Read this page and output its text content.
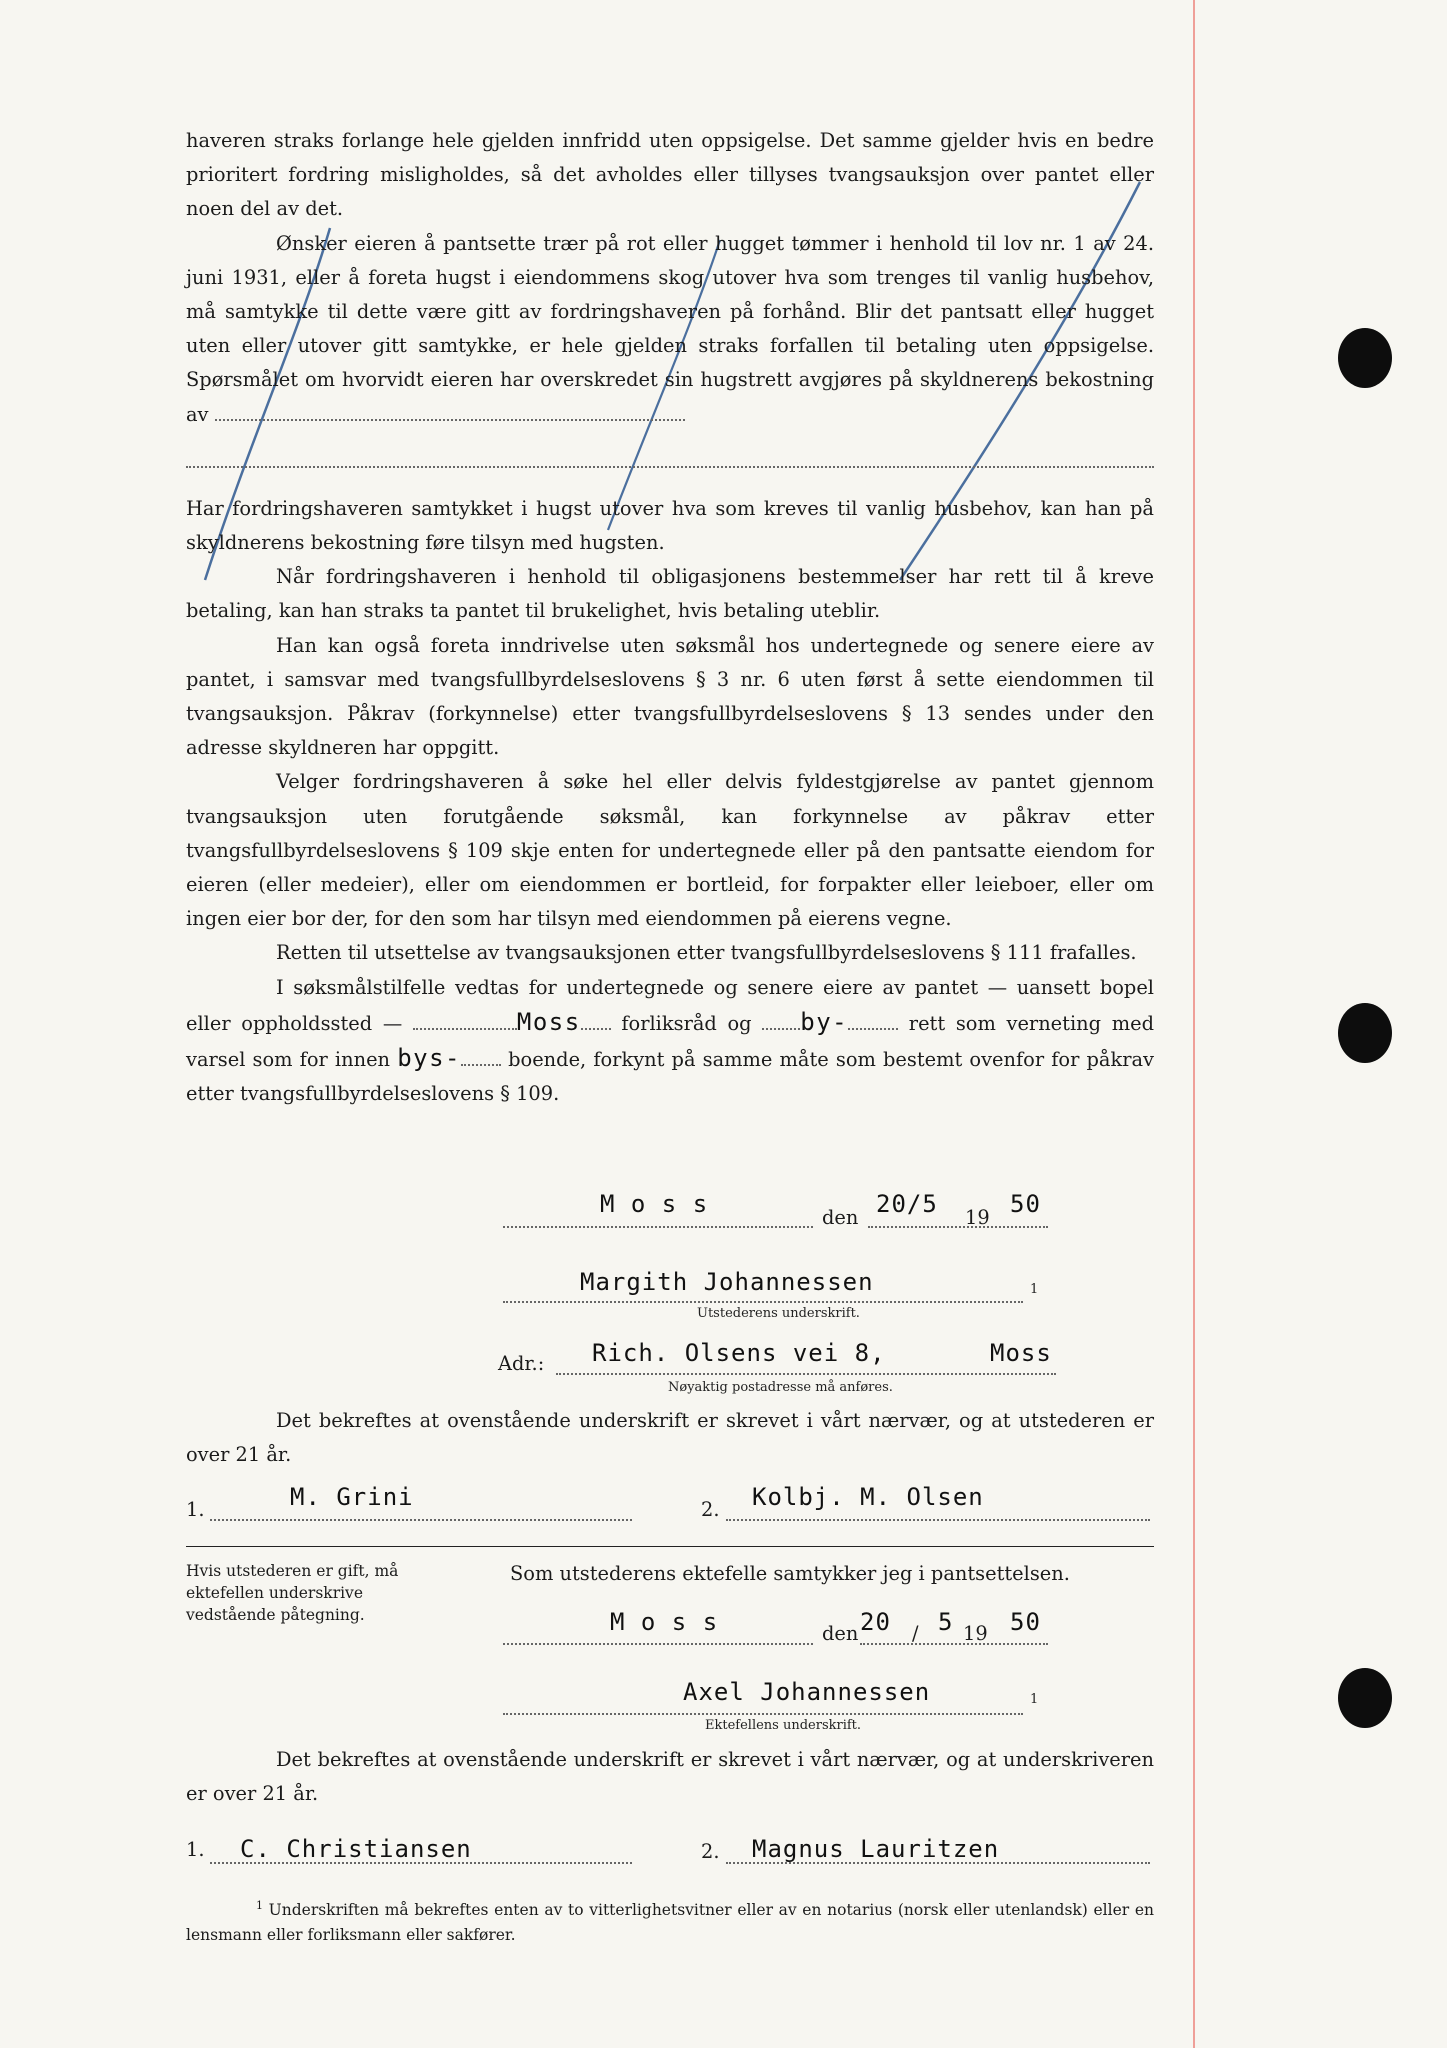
haveren straks forlange hele gjelden innfridd uten oppsigelse. Det samme gjelder hvis en bedre prioritert fordring misligholdes, så det avholdes eller tillyses tvangsauksjon over pantet eller noen del av det.

Ønsker eieren å pantsette trær på rot eller hugget tømmer i henhold til lov nr. 1 av 24. juni 1931, eller å foreta hugst i eiendommens skog utover hva som trenges til vanlig husbehov, må samtykke til dette være gitt av fordringshaveren på forhånd. Blir det pantsatt eller hugget uten eller utover gitt samtykke, er hele gjelden straks forfallen til betaling uten oppsigelse. Spørsmålet om hvorvidt eieren har overskredet sin hugstrett avgjøres på skyldnerens bekostning av

Har fordringshaveren samtykket i hugst utover hva som kreves til vanlig husbehov, kan han på skyldnerens bekostning føre tilsyn med hugsten.

Når fordringshaveren i henhold til obligasjonens bestemmelser har rett til å kreve betaling, kan han straks ta pantet til brukelighet, hvis betaling uteblir.

Han kan også foreta inndrivelse uten søksmål hos undertegnede og senere eiere av pantet, i samsvar med tvangsfullbyrdelseslovens § 3 nr. 6 uten først å sette eiendommen til tvangsauksjon. Påkrav (forkynnelse) etter tvangsfullbyrdelseslovens § 13 sendes under den adresse skyldneren har oppgitt.

Velger fordringshaveren å søke hel eller delvis fyldestgjørelse av pantet gjennom tvangsauksjon uten forutgående søksmål, kan forkynnelse av påkrav etter tvangsfullbyrdelseslovens § 109 skje enten for undertegnede eller på den pantsatte eiendom for eieren (eller medeier), eller om eiendommen er bortleid, for forpakter eller leieboer, eller om ingen eier bor der, for den som har tilsyn med eiendommen på eierens vegne.

Retten til utsettelse av tvangsauksjonen etter tvangsfullbyrdelseslovens § 111 frafalles.

I søksmålstilfelle vedtas for undertegnede og senere eiere av pantet — uansett bopel eller oppholdssted —	Moss forliksråd og by-	rett som verneting med varsel som for innen bys- boende, forkynt på samme måte som bestemt ovenfor for påkrav etter tvangsfullbyrdelseslovens § 109.

M o s s	den 20/5 19 50
Margith Johannessen	1
Utstederens underskrift.
Adr.: Rich. Olsens vei 8,	Moss
Nøyaktig postadresse må anføres.
Det bekreftes at ovenstående underskrift er skrevet i vårt nærvær, og at utstederen er over 21 år.
1.	M. Grini	2. Kolbj. M. Olsen
Hvis utstederen er gift, må ektefellen underskrive vedstående påtegning.
Som utstederens ektefelle samtykker jeg i pantsettelsen.
M o s s	den 20 / 5 19 50
Axel Johannessen	1
Ektefellens underskrift.
Det bekreftes at ovenstående underskrift er skrevet i vårt nærvær, og at underskriveren er over 21 år.
1. C. Christiansen	2. Magnus Lauritzen
$^1$ Underskriften må bekreftes enten av to vitterlighetsvitner eller av en notarius (norsk eller utenlandsk) eller en lensmann eller forliksmann eller sakfører.
